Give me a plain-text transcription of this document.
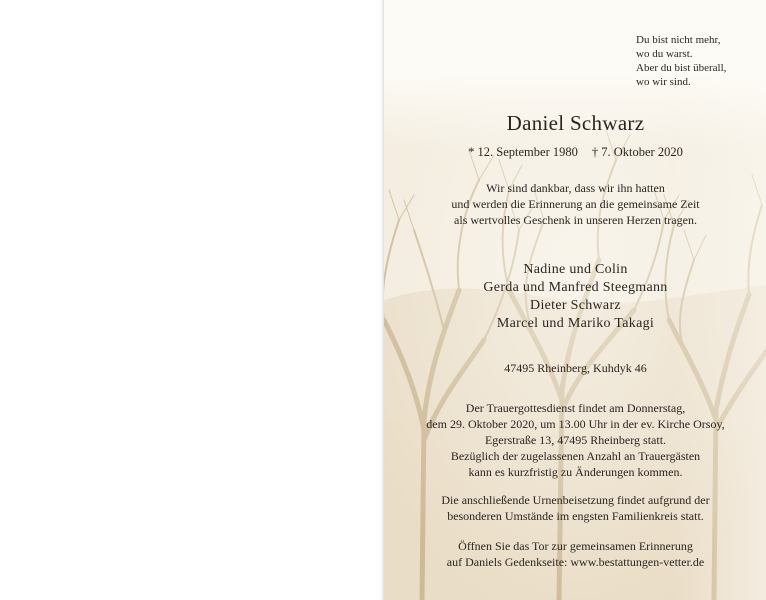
Du bist nicht mehr,
wo du warst.
Aber du bist überall,
wo wir sind.
Daniel Schwarz
* 12. September 1980 † 7. Oktober 2020
Wir sind dankbar, dass wir ihn hatten
und werden die Erinnerung an die gemeinsame Zeit
als wertvolles Geschenk in unseren Herzen tragen.
Nadine und Colin
Gerda und Manfred Steegmann
Dieter Schwarz
Marcel und Mariko Takagi
47495 Rheinberg, Kuhdyk 46
Der Trauergottesdienst findet am Donnerstag,
dem 29. Oktober 2020, um 13.00 Uhr in der ev. Kirche Orsoy,
Egerstraße 13, 47495 Rheinberg statt.
Bezüglich der zugelassenen Anzahl an Trauergästen
kann es kurzfristig zu Änderungen kommen.
Die anschließende Urnenbeisetzung findet aufgrund der
besonderen Umstände im engsten Familienkreis statt.
Öffnen Sie das Tor zur gemeinsamen Erinnerung
auf Daniels Gedenkseite: www.bestattungen-vetter.de
